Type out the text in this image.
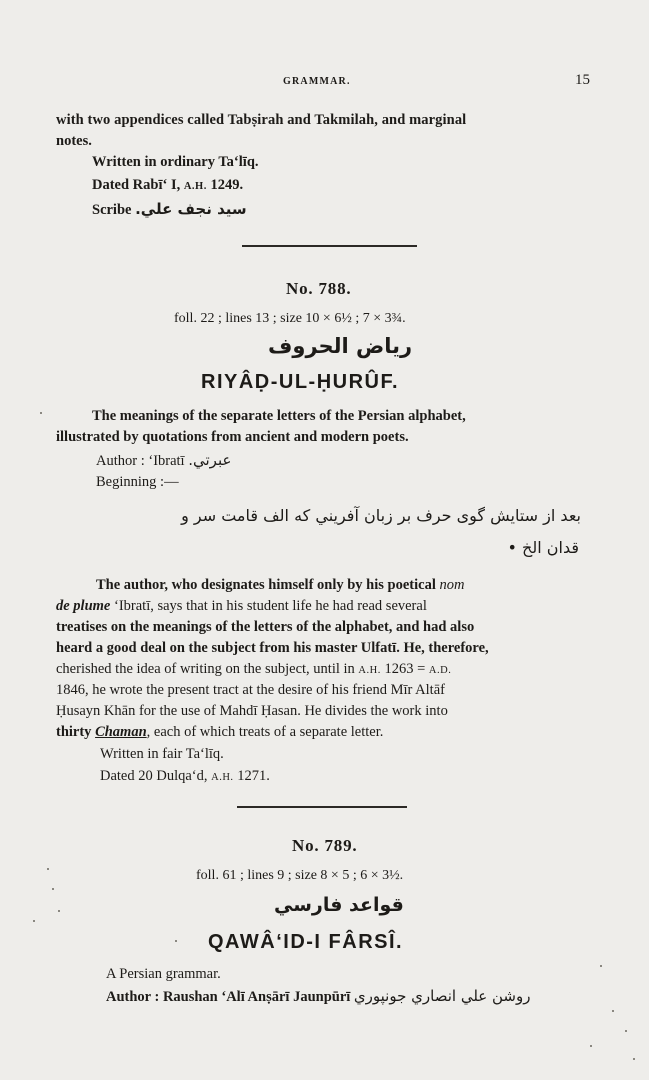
GRAMMAR.	15
with two appendices called Tabṣirah and Takmilah, and marginal
notes.
Written in ordinary Ta‘līq.
Dated Rabī‘ I, A.H. 1249.
Scribe سيد نجف علي.
No. 788.
foll. 22 ; lines 13 ; size 10 × 6½ ; 7 × 3¾.
رياض الحروف
RIYÂḌ-UL-ḤURÛF.
The meanings of the separate letters of the Persian alphabet,
illustrated by quotations from ancient and modern poets.
Author : ‘Ibratī عبرتي.
Beginning :—
بعد از ستايش گوى حرف بر زبان آفريني كه الف قامت سر و
قدان الخ •
The author, who designates himself only by his poetical nom
de plume ‘Ibratī, says that in his student life he had read several
treatises on the meanings of the letters of the alphabet, and had also
heard a good deal on the subject from his master Ulfatī. He, therefore,
cherished the idea of writing on the subject, until in A.H. 1263 = A.D.
1846, he wrote the present tract at the desire of his friend Mīr Altāf
Ḥusayn Khān for the use of Mahdī Ḥasan. He divides the work into
thirty Chaman, each of which treats of a separate letter.
Written in fair Ta‘līq.
Dated 20 Dulqa‘d, A.H. 1271.
No. 789.
foll. 61 ; lines 9 ; size 8 × 5 ; 6 × 3½.
قواعد فارسي
QAWÂ‘ID-I FÂRSÎ.
A Persian grammar.
Author : Raushan ‘Alī Anṣārī Jaunpūrī روشن علي انصاري جونپوري
